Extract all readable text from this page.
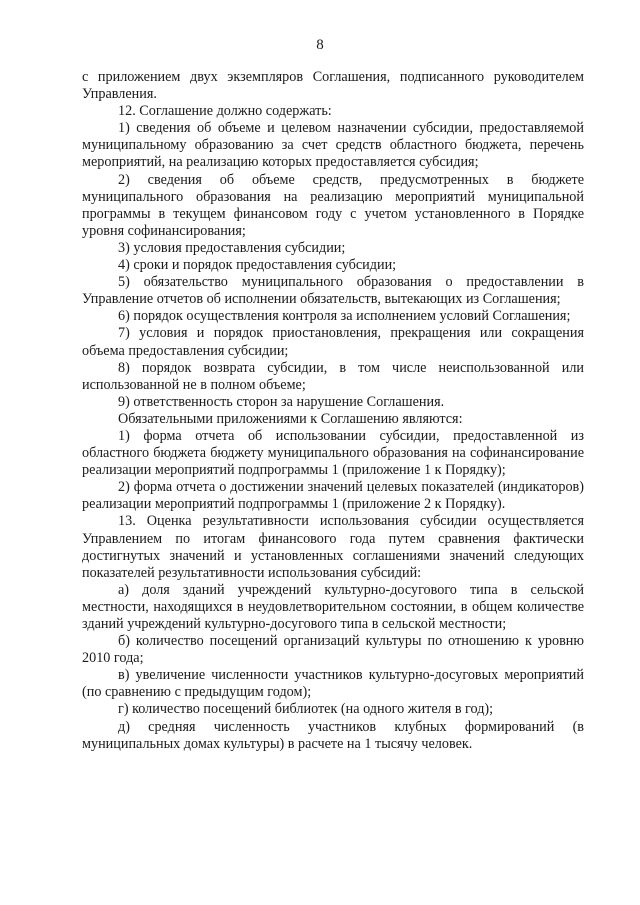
8

с приложением двух экземпляров Соглашения, подписанного руководителем Управления.

12. Соглашение должно содержать:

1) сведения об объеме и целевом назначении субсидии, предоставляемой муниципальному образованию за счет средств областного бюджета, перечень мероприятий, на реализацию которых предоставляется субсидия;

2) сведения об объеме средств, предусмотренных в бюджете муниципального образования на реализацию мероприятий муниципальной программы в текущем финансовом году с учетом установленного в Порядке уровня софинансирования;

3) условия предоставления субсидии;

4) сроки и порядок предоставления субсидии;

5) обязательство муниципального образования о предоставлении в Управление отчетов об исполнении обязательств, вытекающих из Соглашения;

6) порядок осуществления контроля за исполнением условий Соглашения;

7) условия и порядок приостановления, прекращения или сокращения объема предоставления субсидии;

8) порядок возврата субсидии, в том числе неиспользованной или использованной не в полном объеме;

9) ответственность сторон за нарушение Соглашения.

Обязательными приложениями к Соглашению являются:

1) форма отчета об использовании субсидии, предоставленной из областного бюджета бюджету муниципального образования на софинансирование реализации мероприятий подпрограммы 1 (приложение 1 к Порядку);

2) форма отчета о достижении значений целевых показателей (индикаторов) реализации мероприятий подпрограммы 1 (приложение 2 к Порядку).

13. Оценка результативности использования субсидии осуществляется Управлением по итогам финансового года путем сравнения фактически достигнутых значений и установленных соглашениями значений следующих показателей результативности использования субсидий:

а) доля зданий учреждений культурно-досугового типа в сельской местности, находящихся в неудовлетворительном состоянии, в общем количестве зданий учреждений культурно-досугового типа в сельской местности;

б) количество посещений организаций культуры по отношению к уровню 2010 года;

в) увеличение численности участников культурно-досуговых мероприятий (по сравнению с предыдущим годом);

г) количество посещений библиотек (на одного жителя в год);

д) средняя численность участников клубных формирований (в муниципальных домах культуры) в расчете на 1 тысячу человек.
